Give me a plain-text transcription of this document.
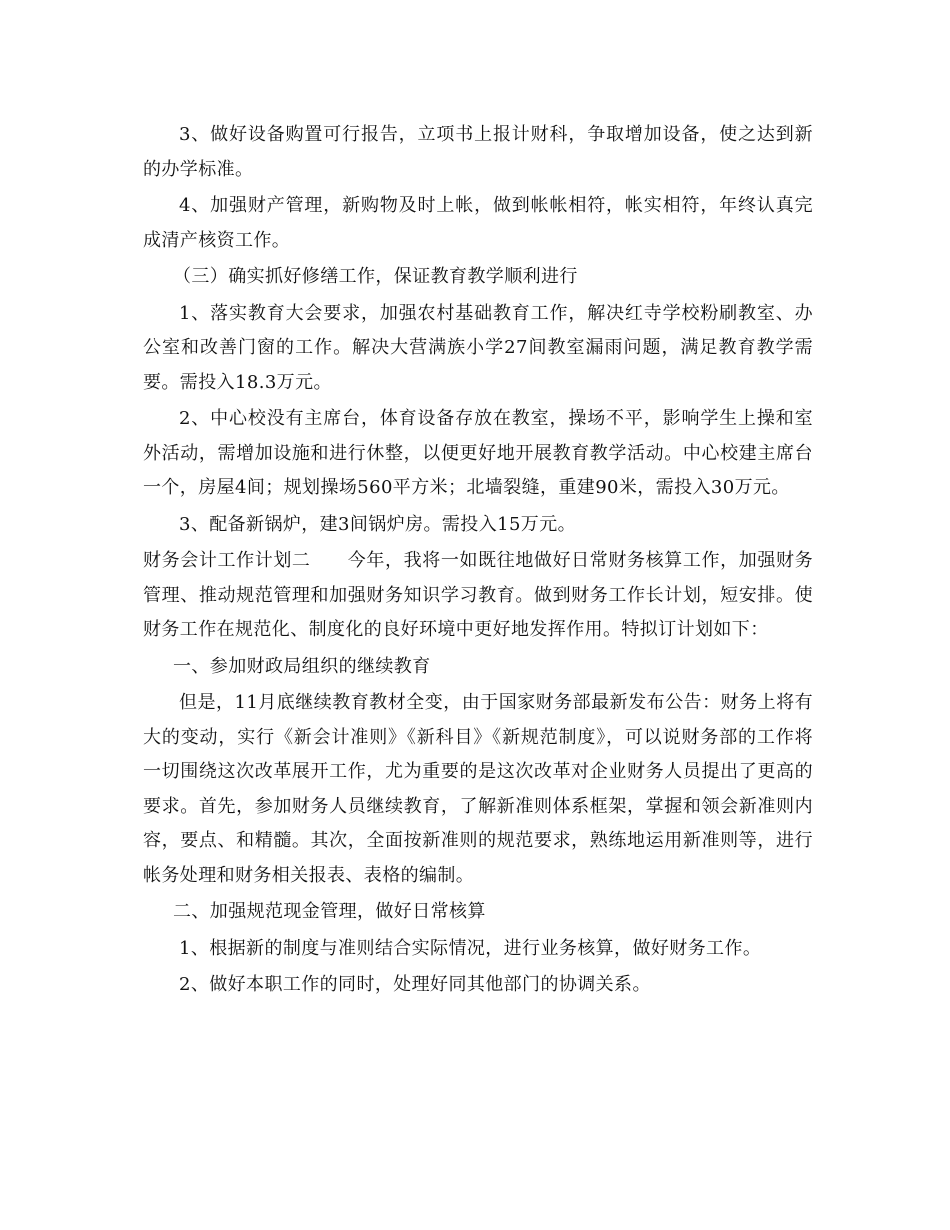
3、做好设备购置可行报告，立项书上报计财科，争取增加设备，使之达到新的办学标准。

4、加强财产管理，新购物及时上帐，做到帐帐相符，帐实相符，年终认真完成清产核资工作。

（三）确实抓好修缮工作，保证教育教学顺利进行

1、落实教育大会要求，加强农村基础教育工作，解决红寺学校粉刷教室、办公室和改善门窗的工作。解决大营满族小学27间教室漏雨问题，满足教育教学需要。需投入18.3万元。

2、中心校没有主席台，体育设备存放在教室，操场不平，影响学生上操和室外活动，需增加设施和进行休整，以便更好地开展教育教学活动。中心校建主席台一个，房屋4间；规划操场560平方米；北墙裂缝，重建90米，需投入30万元。

3、配备新锅炉，建3间锅炉房。需投入15万元。

财务会计工作计划二　　今年，我将一如既往地做好日常财务核算工作，加强财务管理、推动规范管理和加强财务知识学习教育。做到财务工作长计划，短安排。使财务工作在规范化、制度化的良好环境中更好地发挥作用。特拟订计划如下：

一、参加财政局组织的继续教育

但是，11月底继续教育教材全变，由于国家财务部最新发布公告：财务上将有大的变动，实行《新会计准则》《新科目》《新规范制度》，可以说财务部的工作将一切围绕这次改革展开工作，尤为重要的是这次改革对企业财务人员提出了更高的要求。首先，参加财务人员继续教育，了解新准则体系框架，掌握和领会新准则内容，要点、和精髓。其次，全面按新准则的规范要求，熟练地运用新准则等，进行帐务处理和财务相关报表、表格的编制。

二、加强规范现金管理，做好日常核算

1、根据新的制度与准则结合实际情况，进行业务核算，做好财务工作。

2、做好本职工作的同时，处理好同其他部门的协调关系。
